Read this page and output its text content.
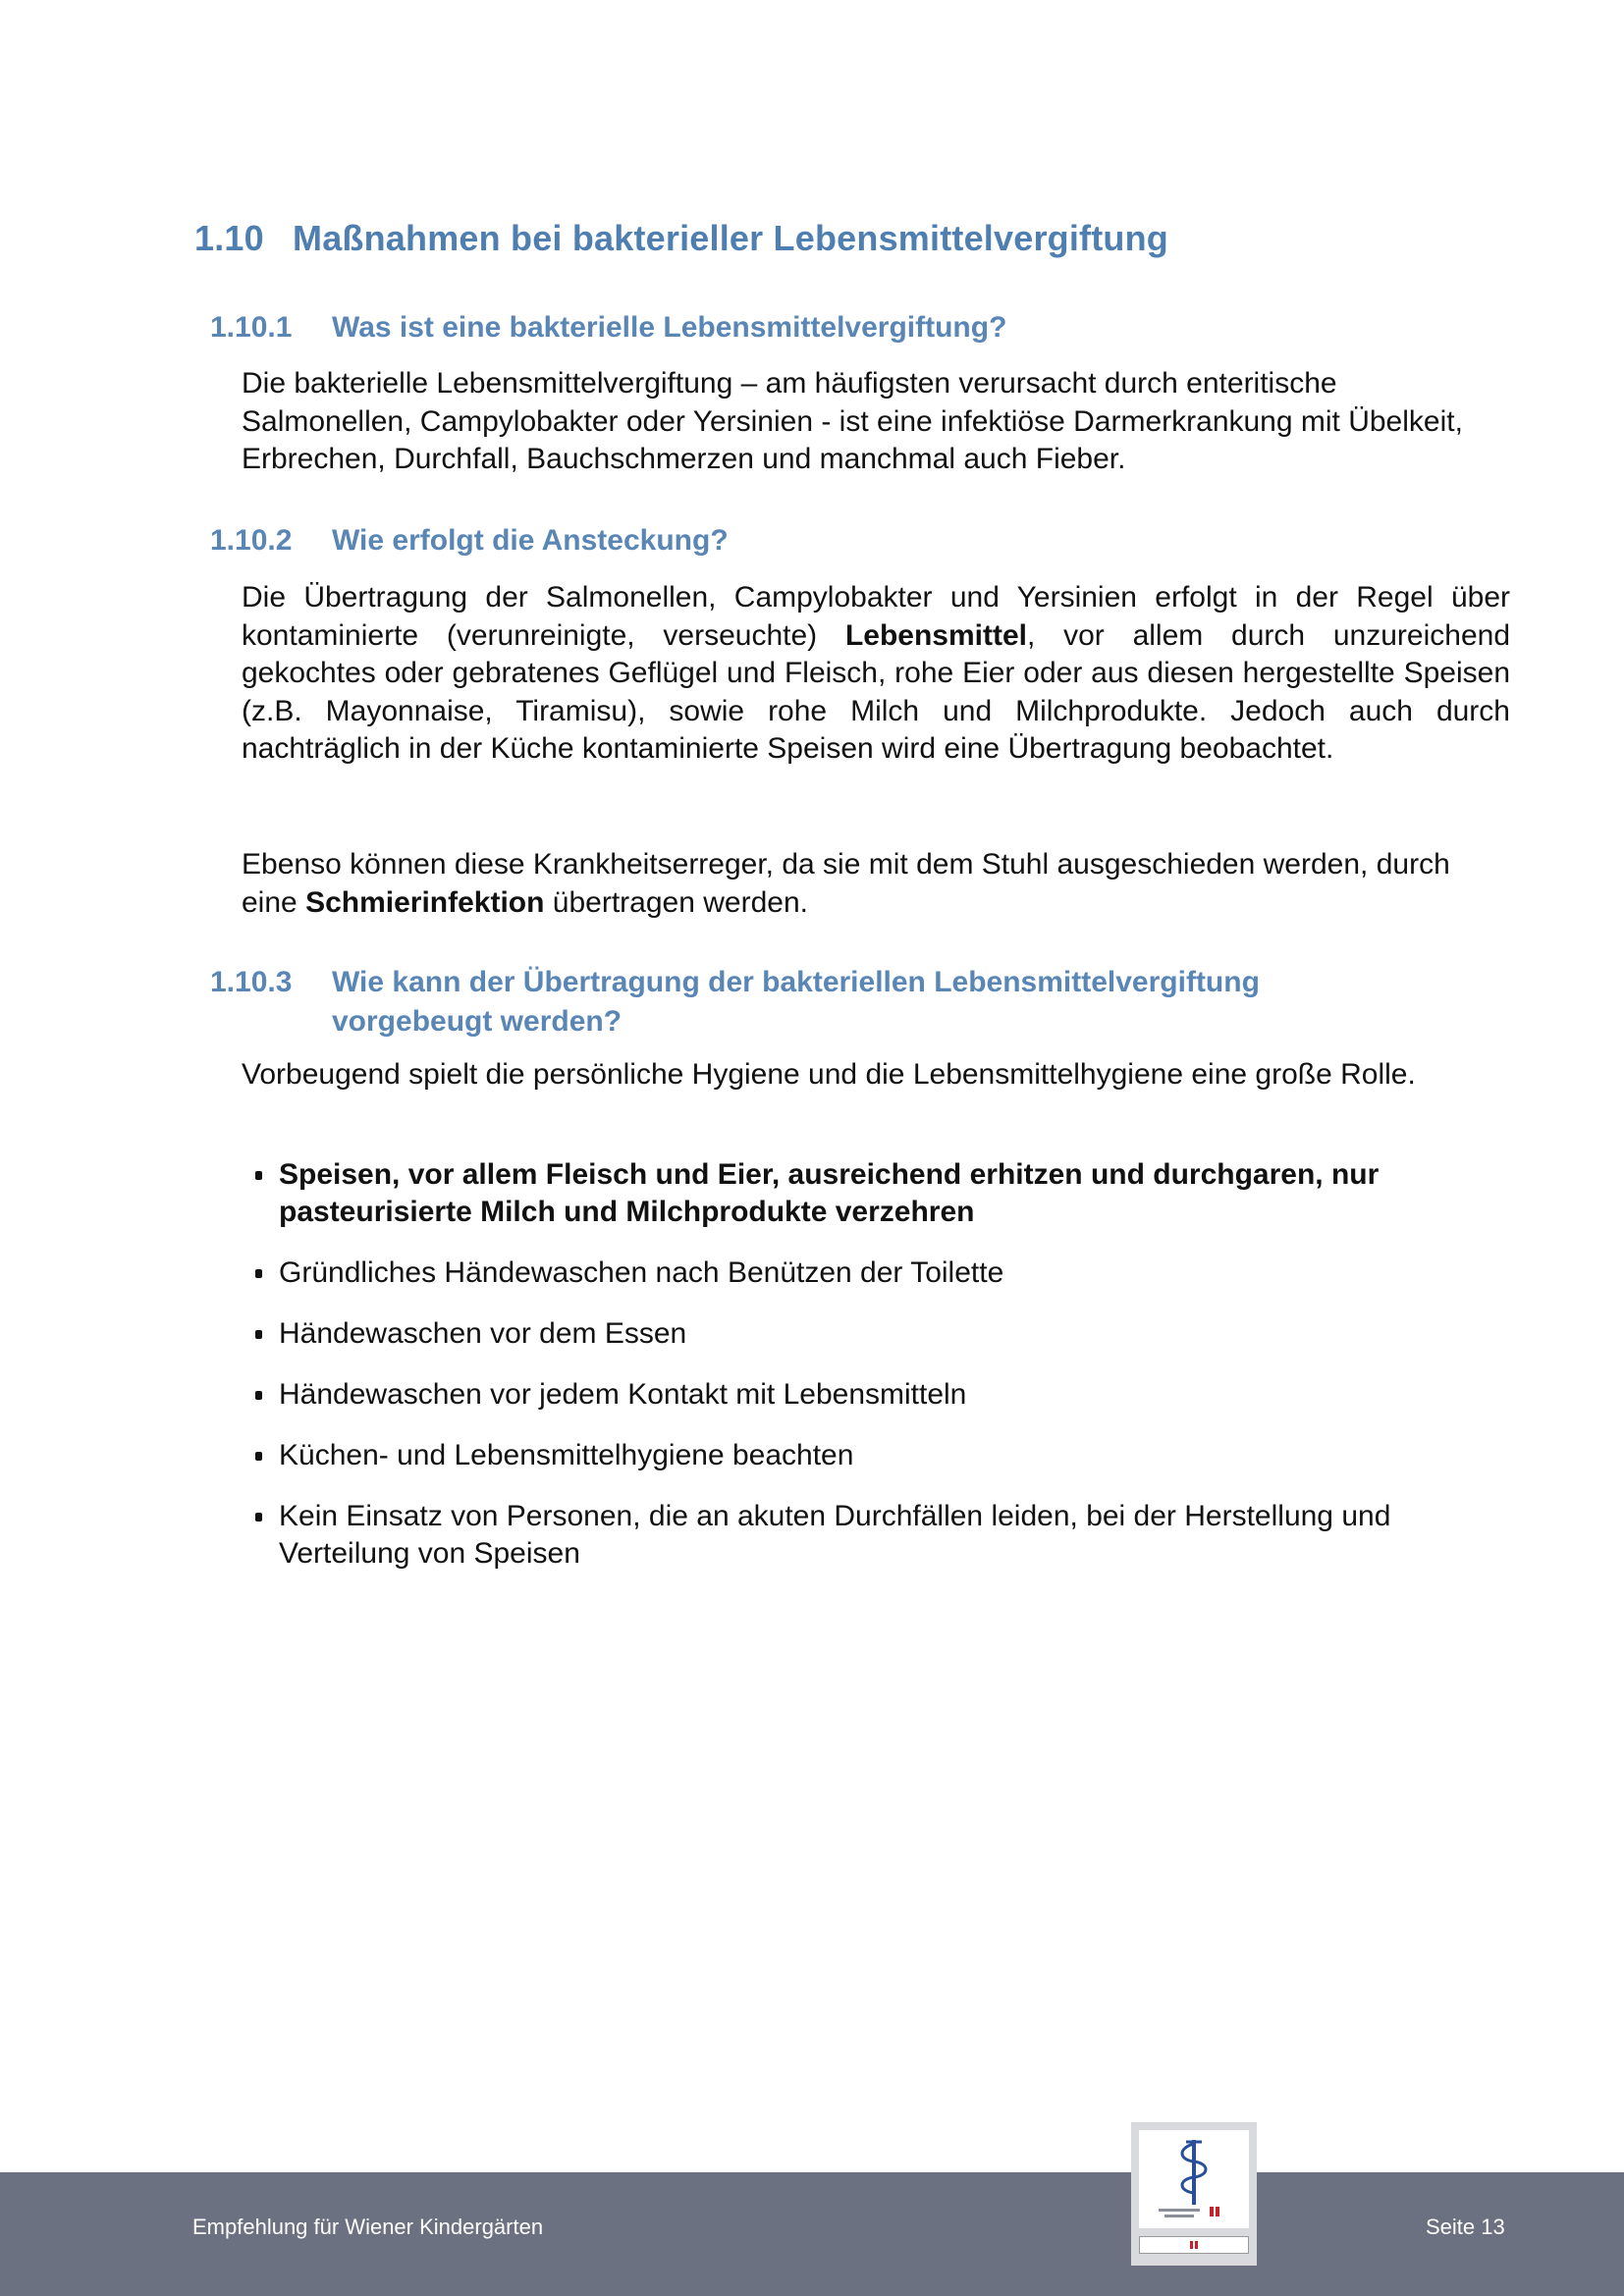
1.10 Maßnahmen bei bakterieller Lebensmittelvergiftung
1.10.1 Was ist eine bakterielle Lebensmittelvergiftung?

Die bakterielle Lebensmittelvergiftung – am häufigsten verursacht durch enteritische Salmonellen, Campylobakter oder Yersinien - ist eine infektiöse Darmerkrankung mit Übelkeit, Erbrechen, Durchfall, Bauchschmerzen und manchmal auch Fieber.

1.10.2 Wie erfolgt die Ansteckung?

Die Übertragung der Salmonellen, Campylobakter und Yersinien erfolgt in der Regel über kontaminierte (verunreinigte, verseuchte) Lebensmittel, vor allem durch unzureichend gekochtes oder gebratenes Geflügel und Fleisch, rohe Eier oder aus diesen hergestellte Speisen (z.B. Mayonnaise, Tiramisu), sowie rohe Milch und Milchprodukte. Jedoch auch durch nachträglich in der Küche kontaminierte Speisen wird eine Übertragung beobachtet.

Ebenso können diese Krankheitserreger, da sie mit dem Stuhl ausgeschieden werden, durch eine Schmierinfektion übertragen werden.

1.10.3 Wie kann der Übertragung der bakteriellen Lebensmittelvergiftung
vorgebeugt werden?

Vorbeugend spielt die persönliche Hygiene und die Lebensmittelhygiene eine große Rolle.

Speisen, vor allem Fleisch und Eier, ausreichend erhitzen und durchgaren, nur pasteurisierte Milch und Milchprodukte verzehren
Gründliches Händewaschen nach Benützen der Toilette
Händewaschen vor dem Essen
Händewaschen vor jedem Kontakt mit Lebensmitteln
Küchen- und Lebensmittelhygiene beachten
Kein Einsatz von Personen, die an akuten Durchfällen leiden, bei der Herstellung und Verteilung von Speisen
Empfehlung für Wiener Kindergärten	Seite 13
